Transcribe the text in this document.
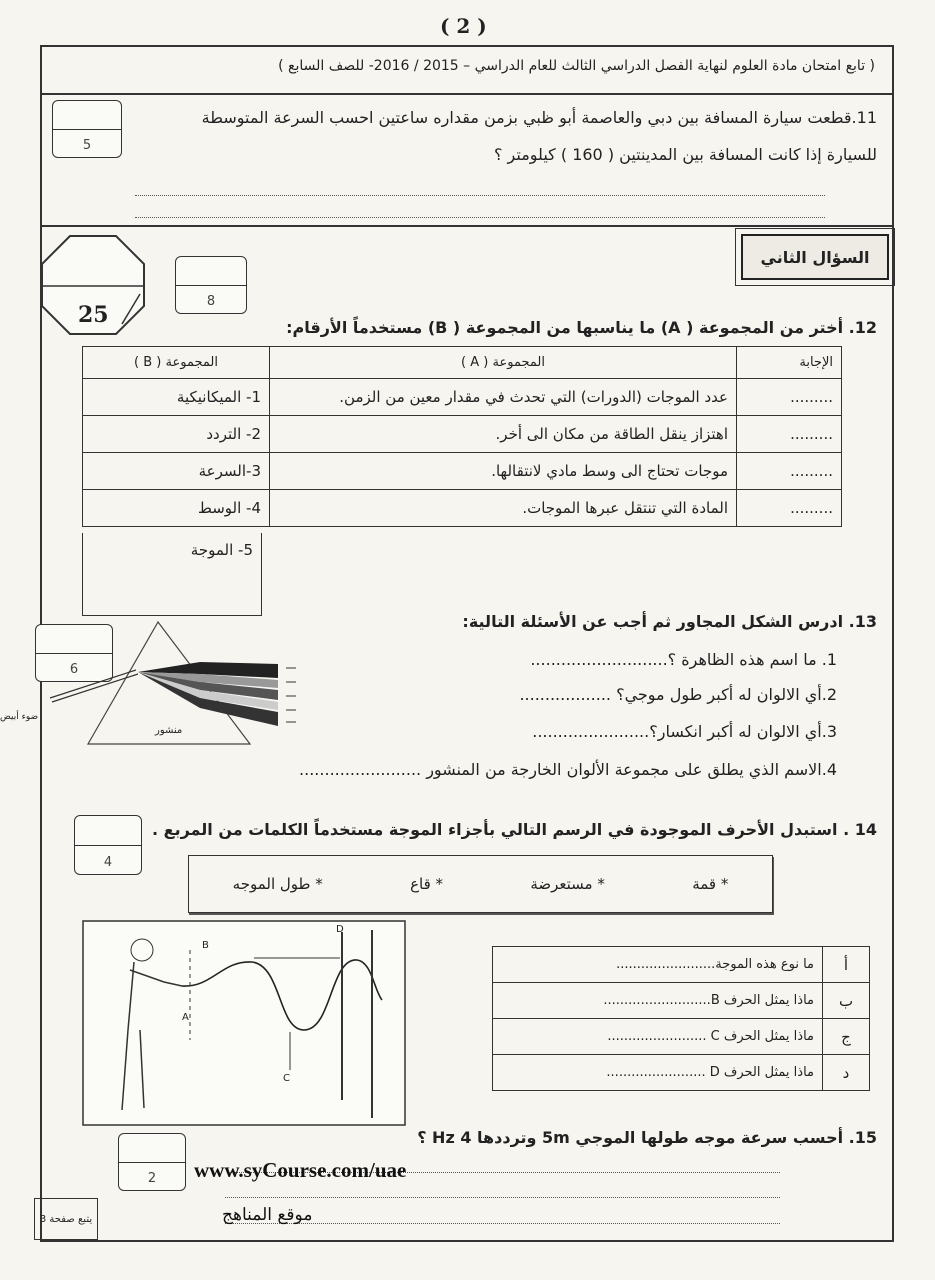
( 2 )
( تابع امتحان مادة العلوم لنهاية الفصل الدراسي الثالث للعام الدراسي – 2015 / 2016- للصف السابع )
5
11.قطعت سيارة المسافة بين دبي والعاصمة أبو ظبي بزمن مقداره ساعتين احسب السرعة المتوسطة
للسيارة إذا كانت المسافة بين المدينتين ( 160 ) كيلومتر ؟
السؤال الثاني
25
8
12. أختر من المجموعة ( A) ما يناسبها من المجموعة ( B) مستخدماً الأرقام:
الإجابة	المجموعة ( A )	المجموعة ( B )
.........	عدد الموجات (الدورات) التي تحدث في مقدار معين من الزمن.	1- الميكانيكية
.........	اهتزاز ينقل الطاقة من مكان الى أخر.	2- التردد
.........	موجات تحتاج الى وسط مادي لانتقالها.	3-السرعة
.........	المادة التي تنتقل عبرها الموجات.	4- الوسط
5- الموجة
6
ضوء أبيض
منشور
13. ادرس الشكل المجاور ثم أجب عن الأسئلة التالية:
1. ما اسم هذه الظاهرة ؟...........................
2.أي الالوان له أكبر طول موجي؟ ..................
3.أي الالوان له أكبر انكسار؟.......................
4.الاسم الذي يطلق على مجموعة الألوان الخارجة من المنشور ........................
4
14 . استبدل الأحرف الموجودة في الرسم التالي بأجزاء الموجة مستخدماً الكلمات من المربع .
* قمة
* مستعرضة
* قاع
* طول الموجه
B
D
C
A
أ	ما نوع هذه الموجة........................
ب	ماذا يمثل الحرف B..........................
ج	ماذا يمثل الحرف C ........................
د	ماذا يمثل الحرف D ........................
2
15. أحسب سرعة موجه طولها الموجي 5m وترددها 4 Hz ؟
www.syCourse.com/uae
موقع المناهج
يتبع صفحة 3
